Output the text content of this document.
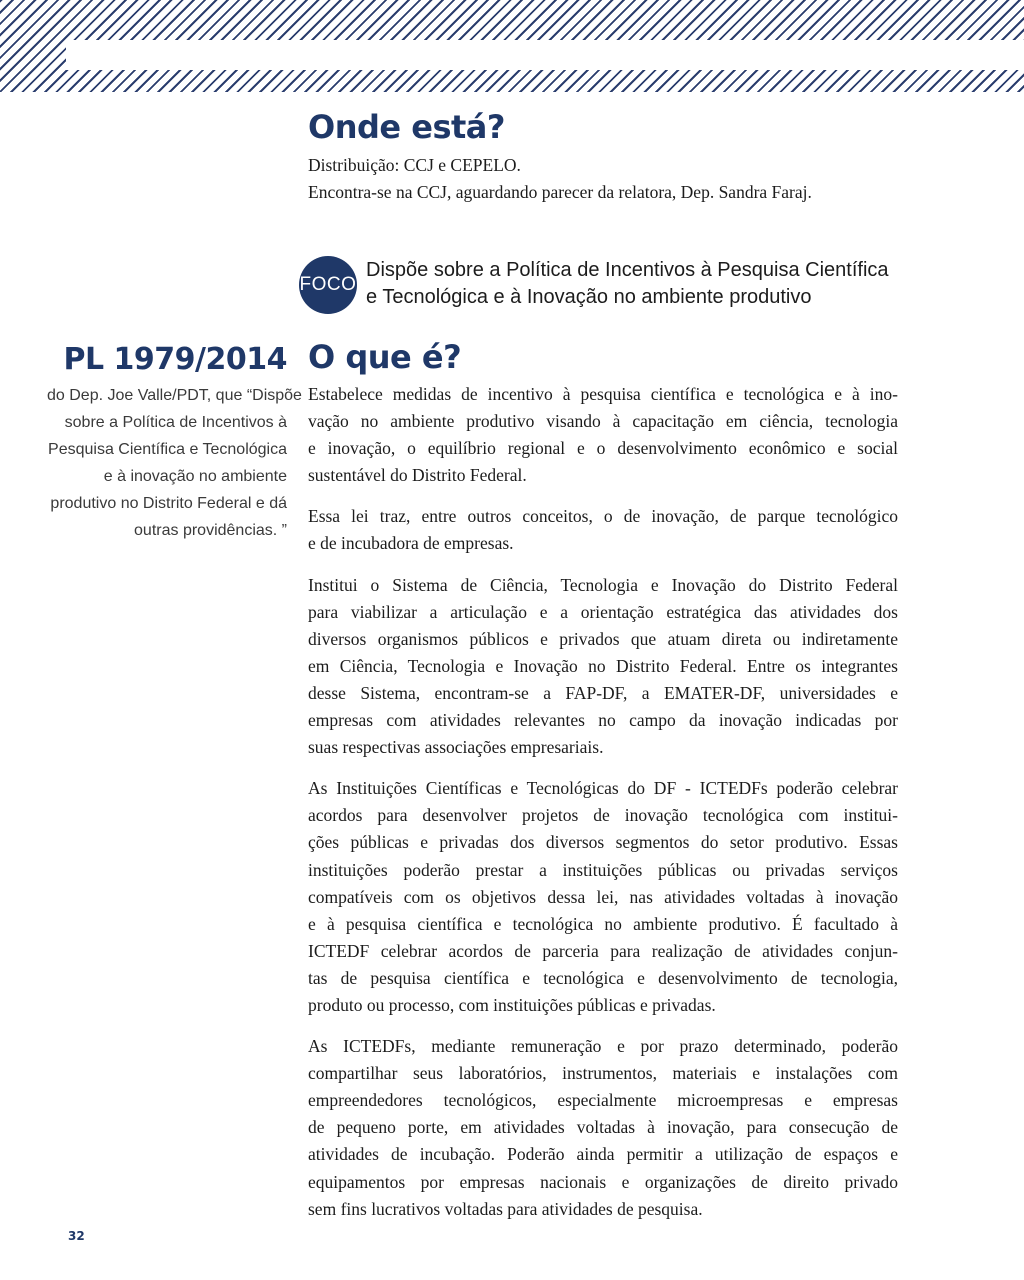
Onde está?

Distribuição: CCJ e CEPELO.

Encontra-se na CCJ, aguardando parecer da relatora, Dep. Sandra Faraj.

FOCO
Dispõe sobre a Política de Incentivos à Pesquisa Científica
e Tecnológica e à Inovação no ambiente produtivo
PL 1979/2014
do Dep. Joe Valle/PDT, que “Dispõe
sobre a Política de Incentivos à
Pesquisa Científica e Tecnológica
e à inovação no ambiente
produtivo no Distrito Federal e dá
outras providências. ”
O que é?

Estabelece medidas de incentivo à pesquisa científica e tecnológica e à ino-
vação no ambiente produtivo visando à capacitação em ciência, tecnologia
e inovação, o equilíbrio regional e o desenvolvimento econômico e social
sustentável do Distrito Federal.

Essa lei traz, entre outros conceitos, o de inovação, de parque tecnológico
e de incubadora de empresas.

Institui o Sistema de Ciência, Tecnologia e Inovação do Distrito Federal
para viabilizar a articulação e a orientação estratégica das atividades dos
diversos organismos públicos e privados que atuam direta ou indiretamente
em Ciência, Tecnologia e Inovação no Distrito Federal. Entre os integrantes
desse Sistema, encontram-se a FAP-DF, a EMATER-DF, universidades e
empresas com atividades relevantes no campo da inovação indicadas por
suas respectivas associações empresariais.

As Instituições Científicas e Tecnológicas do DF - ICTEDFs poderão celebrar
acordos para desenvolver projetos de inovação tecnológica com institui-
ções públicas e privadas dos diversos segmentos do setor produtivo. Essas
instituições poderão prestar a instituições públicas ou privadas serviços
compatíveis com os objetivos dessa lei, nas atividades voltadas à inovação
e à pesquisa científica e tecnológica no ambiente produtivo. É facultado à
ICTEDF celebrar acordos de parceria para realização de atividades conjun-
tas de pesquisa científica e tecnológica e desenvolvimento de tecnologia,
produto ou processo, com instituições públicas e privadas.

As ICTEDFs, mediante remuneração e por prazo determinado, poderão
compartilhar seus laboratórios, instrumentos, materiais e instalações com
empreendedores tecnológicos, especialmente microempresas e empresas
de pequeno porte, em atividades voltadas à inovação, para consecução de
atividades de incubação. Poderão ainda permitir a utilização de espaços e
equipamentos por empresas nacionais e organizações de direito privado
sem fins lucrativos voltadas para atividades de pesquisa.

32
